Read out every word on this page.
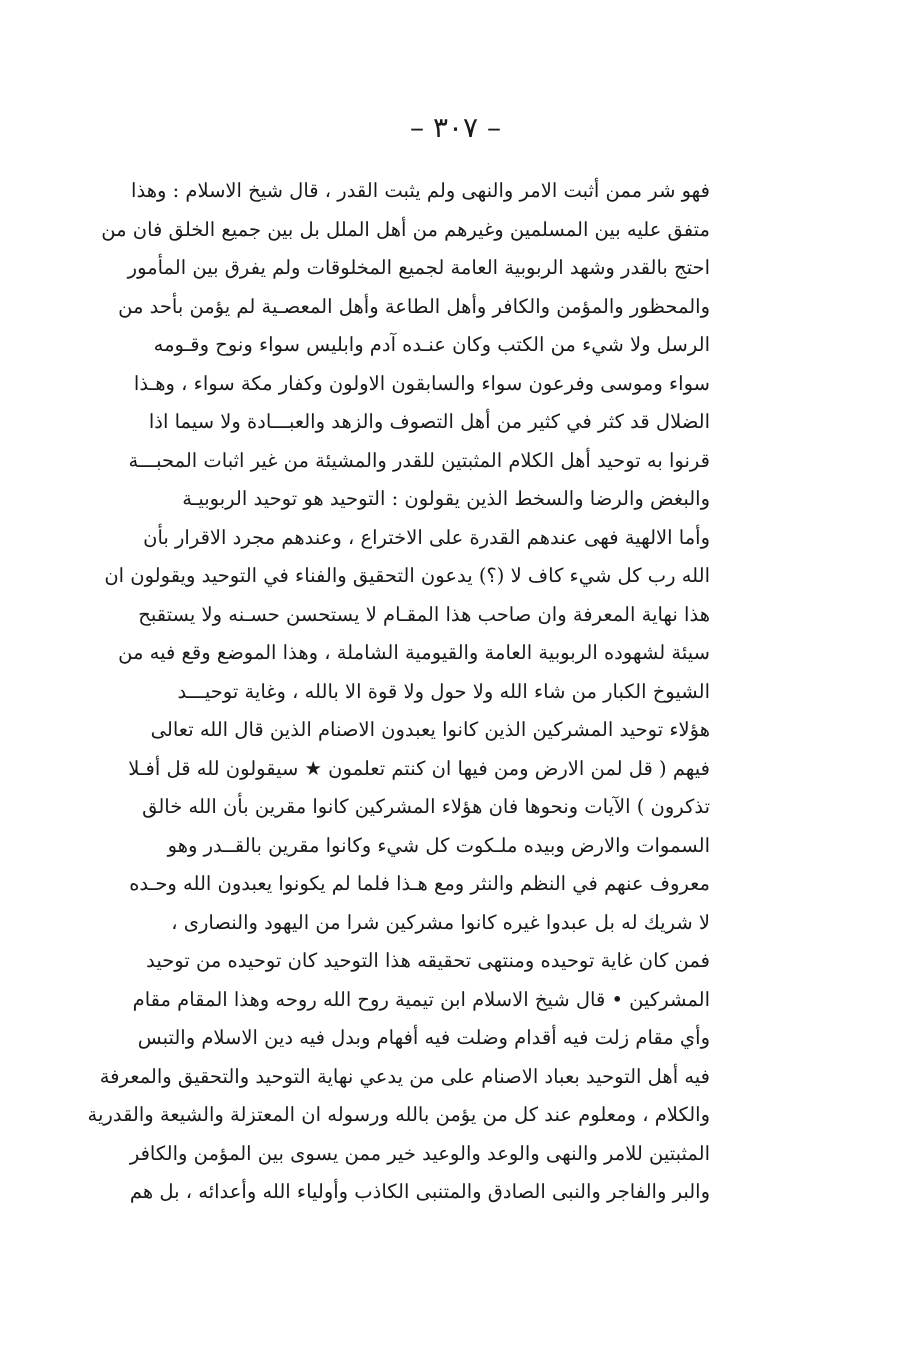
– ٣٠٧ –
فهو شر ممن أثبت الامر والنهى ولم يثبت القدر ، قال شيخ الاسلام : وهذا
متفق عليه بين المسلمين وغيرهم من أهل الملل بل بين جميع الخلق فان من
احتج بالقدر وشهد الربوبية العامة لجميع المخلوقات ولم يفرق بين المأمور
والمحظور والمؤمن والكافر وأهل الطاعة وأهل المعصـية لم يؤمن بأحد من
الرسل ولا شيء من الكتب وكان عنـده آدم وابليس سواء ونوح وقـومه
سواء وموسى وفرعون سواء والسابقون الاولون وكفار مكة سواء ، وهـذا
الضلال قد كثر في كثير من أهل التصوف والزهد والعبـــادة ولا سيما اذا
قرنوا به توحيد أهل الكلام المثبتين للقدر والمشيئة من غير اثبات المحبـــة
والبغض والرضا والسخط الذين يقولون : التوحيد هو توحيد الربوبيـة
وأما الالهية فهى عندهم القدرة على الاختراع ، وعندهم مجرد الاقرار بأن
الله رب كل شيء كاف لا (؟) يدعون التحقيق والفناء في التوحيد ويقولون ان
هذا نهاية المعرفة وان صاحب هذا المقـام لا يستحسن حسـنه ولا يستقبح
سيئة لشهوده الربوبية العامة والقيومية الشاملة ، وهذا الموضع وقع فيه من
الشيوخ الكبار من شاء الله ولا حول ولا قوة الا بالله ، وغاية توحيـــد
هؤلاء توحيد المشركين الذين كانوا يعبدون الاصنام الذين قال الله تعالى
فيهم ( قل لمن الارض ومن فيها ان كنتم تعلمون ★ سيقولون لله قل أفـلا
تذكرون ) الآيات ونحوها فان هؤلاء المشركين كانوا مقرين بأن الله خالق
السموات والارض وبيده ملـكوت كل شيء وكانوا مقرين بالقــدر وهو
معروف عنهم في النظم والنثر ومع هـذا فلما لم يكونوا يعبدون الله وحـده
لا شريك له بل عبدوا غيره كانوا مشركين شرا من اليهود والنصارى ،
فمن كان غاية توحيده ومنتهى تحقيقه هذا التوحيد كان توحيده من توحيد
المشركين • قال شيخ الاسلام ابن تيمية روح الله روحه وهذا المقام مقام
وأي مقام زلت فيه أقدام وضلت فيه أفهام وبدل فيه دين الاسلام والتبس
فيه أهل التوحيد بعباد الاصنام على من يدعي نهاية التوحيد والتحقيق والمعرفة
والكلام ، ومعلوم عند كل من يؤمن بالله ورسوله ان المعتزلة والشيعة والقدرية
المثبتين للامر والنهى والوعد والوعيد خير ممن يسوى بين المؤمن والكافر
والبر والفاجر والنبى الصادق والمتنبى الكاذب وأولياء الله وأعدائه ، بل هم
